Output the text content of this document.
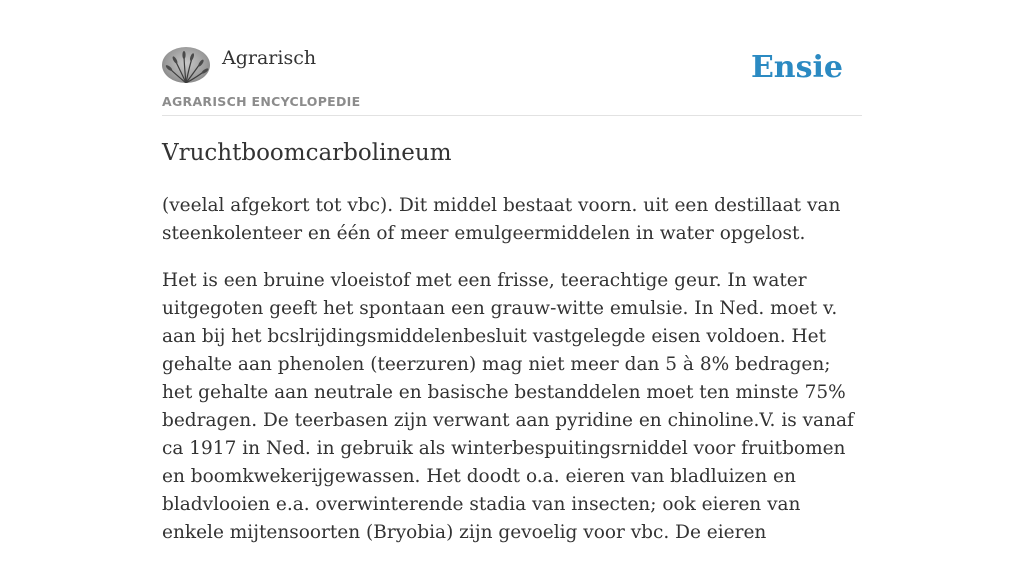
Agrarisch
AGRARISCH ENCYCLOPEDIE
Ensie
Vruchtboomcarbolineum

(veelal afgekort tot vbc). Dit middel bestaat voorn. uit een destillaat van steenkolenteer en één of meer emulgeermiddelen in water opgelost.

Het is een bruine vloeistof met een frisse, teerachtige geur. In water uitgegoten geeft het spontaan een grauw-witte emulsie. In Ned. moet v. aan bij het bcslrijdingsmiddelenbesluit vastgelegde eisen voldoen. Het gehalte aan phenolen (teerzuren) mag niet meer dan 5 à 8% bedragen; het gehalte aan neutrale en basische bestanddelen moet ten minste 75% bedragen. De teerbasen zijn verwant aan pyridine en chinoline.V. is vanaf ca 1917 in Ned. in gebruik als winterbespuitingsrniddel voor fruitbomen en boomkwekerijgewassen. Het doodt o.a. eieren van bladluizen en bladvlooien e.a. overwinterende stadia van insecten; ook eieren van enkele mijtensoorten (Bryobia) zijn gevoelig voor vbc. De eieren
